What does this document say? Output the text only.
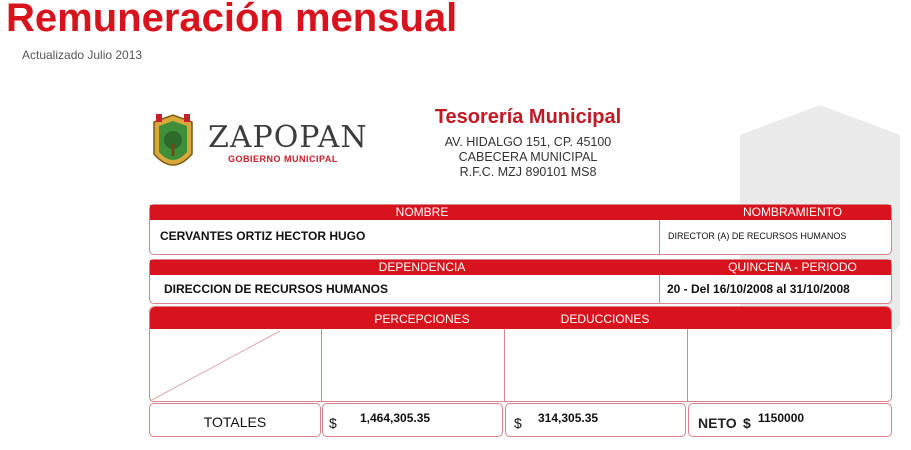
Remuneración mensual
Actualizado Julio 2013
ZAPOPAN
GOBIERNO MUNICIPAL
Tesorería Municipal
AV. HIDALGO 151, CP. 45100
CABECERA MUNICIPAL
R.F.C. MZJ 890101 MS8
NOMBRE	NOMBRAMIENTO
CERVANTES ORTIZ HECTOR HUGO	DIRECTOR (A) DE RECURSOS HUMANOS
DEPENDENCIA	QUINCENA - PERIODO
DIRECCION DE RECURSOS HUMANOS	20 - Del 16/10/2008 al 31/10/2008
PERCEPCIONES	DEDUCCIONES
TOTALES	$ 1,464,305.35	$ 314,305.35	NETO $ 1150000
